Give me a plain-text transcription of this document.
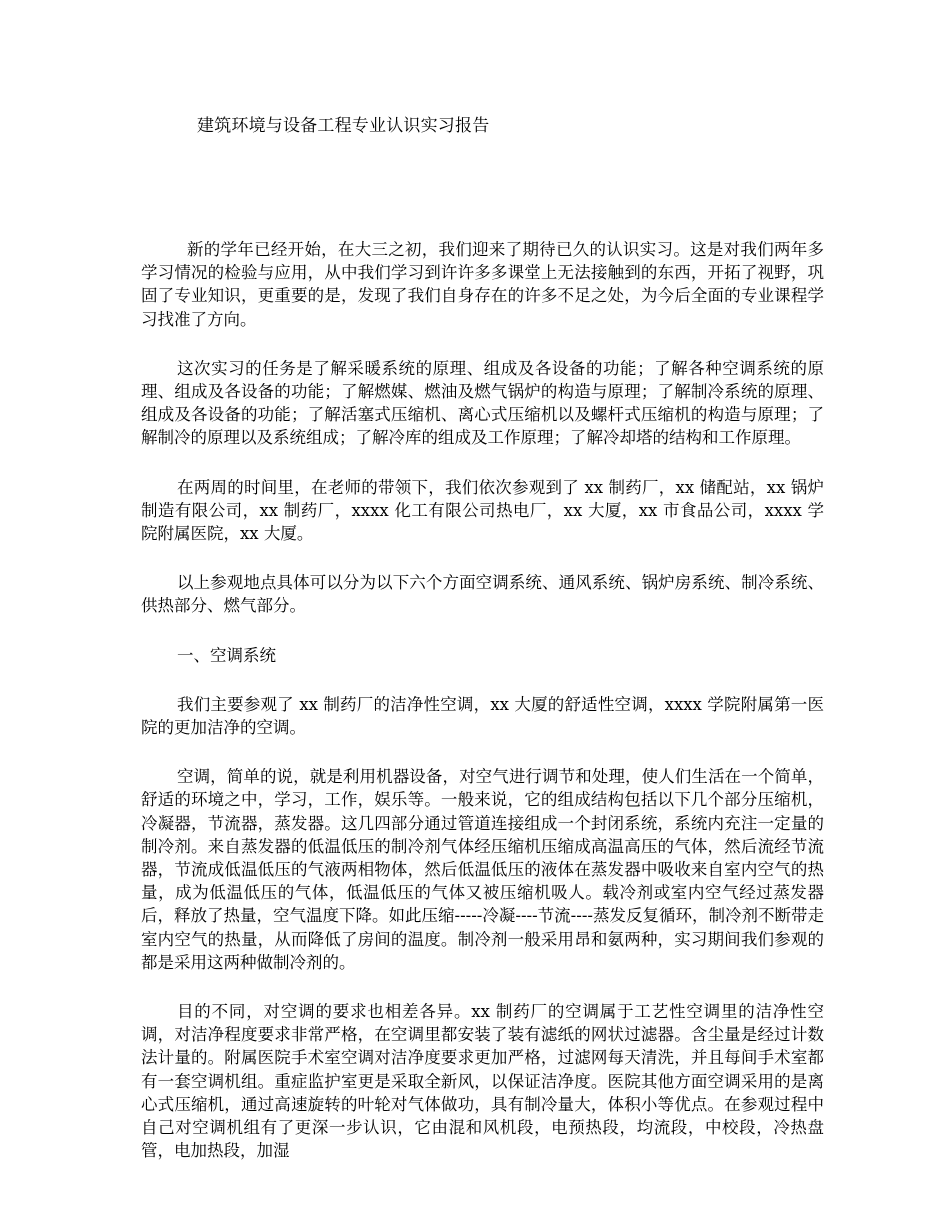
建筑环境与设备工程专业认识实习报告

新的学年已经开始，在大三之初，我们迎来了期待已久的认识实习。这是对我们两年多学习情况的检验与应用，从中我们学习到许许多多课堂上无法接触到的东西，开拓了视野，巩固了专业知识，更重要的是，发现了我们自身存在的许多不足之处，为今后全面的专业课程学习找准了方向。

这次实习的任务是了解采暖系统的原理、组成及各设备的功能；了解各种空调系统的原理、组成及各设备的功能；了解燃媒、燃油及燃气锅炉的构造与原理；了解制冷系统的原理、组成及各设备的功能；了解活塞式压缩机、离心式压缩机以及螺杆式压缩机的构造与原理；了解制冷的原理以及系统组成；了解冷库的组成及工作原理；了解冷却塔的结构和工作原理。

在两周的时间里，在老师的带领下，我们依次参观到了 xx 制药厂，xx 储配站，xx 锅炉制造有限公司，xx 制药厂，xxxx 化工有限公司热电厂，xx 大厦，xx 市食品公司，xxxx 学院附属医院，xx 大厦。

以上参观地点具体可以分为以下六个方面空调系统、通风系统、锅炉房系统、制冷系统、供热部分、燃气部分。

一、空调系统

我们主要参观了 xx 制药厂的洁净性空调，xx 大厦的舒适性空调，xxxx 学院附属第一医院的更加洁净的空调。

空调，简单的说，就是利用机器设备，对空气进行调节和处理，使人们生活在一个简单，舒适的环境之中，学习，工作，娱乐等。一般来说，它的组成结构包括以下几个部分压缩机，冷凝器，节流器，蒸发器。这几四部分通过管道连接组成一个封闭系统，系统内充注一定量的制冷剂。来自蒸发器的低温低压的制冷剂气体经压缩机压缩成高温高压的气体，然后流经节流器，节流成低温低压的气液两相物体，然后低温低压的液体在蒸发器中吸收来自室内空气的热量，成为低温低压的气体，低温低压的气体又被压缩机吸人。载冷剂或室内空气经过蒸发器后，释放了热量，空气温度下降。如此压缩-----冷凝----节流----蒸发反复循环，制冷剂不断带走室内空气的热量，从而降低了房间的温度。制冷剂一般采用昂和氨两种，实习期间我们参观的都是采用这两种做制冷剂的。

目的不同，对空调的要求也相差各异。xx 制药厂的空调属于工艺性空调里的洁净性空调，对洁净程度要求非常严格，在空调里都安装了装有滤纸的网状过滤器。含尘量是经过计数法计量的。附属医院手术室空调对洁净度要求更加严格，过滤网每天清洗，并且每间手术室都有一套空调机组。重症监护室更是采取全新风，以保证洁净度。医院其他方面空调采用的是离心式压缩机，通过高速旋转的叶轮对气体做功，具有制冷量大，体积小等优点。在参观过程中自己对空调机组有了更深一步认识，它由混和风机段，电预热段，均流段，中校段，冷热盘管，电加热段，加湿
